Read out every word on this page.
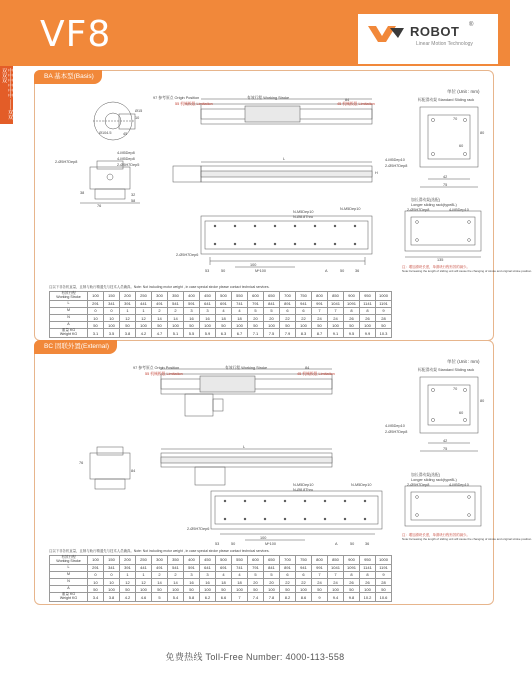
VF8	ROBOT ®
Linear Motion Technology
中中中中中中 ——双双双双双	BA 基本型(Basis)
单位 (Unit : mm)
97 参考原点 Origin Position	有效行程 Working Stroke
55 机械极限 Limitation	45 机械极限 Limitation
标配滑动架 Standard Sliding rack
84
Ø104.5	45
Ø15
10
4-M5Dep8
4-M5Dep8
2-Ø5H7Dep5
2-Ø5H7Dep8
76
38	32
58
L
H
70
60
4-M5Dep10
2-Ø5H7Dep8
42
75
80
N-M5Dep10
N-Ø8.8Thru
N-M5Dep10
2-Ø5H7Dep6
100
M*100
53	50	A	50	36
加长滑动架(选配)
Longer sliding rack(type8L)
2-Ø5H7Dep8	4-M5Dep10
135
注：增加滑块长度，单滑块行程有效的减少。
Note:Increasing the length of sliding unit will cause the changing of stroke and original stroke position.
注以下非各机直量，且制与助行精通先与技术人员确真。Note: Not including motor weight , in case special stroke please contact technical services.
有效行程
Working Stroke	100	150	200	250	300	350	400	450	500	550	600	650	700	750	800	850	900	950	1000
L	291	341	391	441	491	541	591	641	691	741	791	841	891	941	991	1041	1091	1141	1191
M	0	0	1	1	2	2	3	3	4	4	5	5	6	6	7	7	8	8	9
N	10	10	12	12	14	14	16	16	18	18	20	20	22	22	24	24	26	26	28
A	50	100	50	100	50	100	50	100	50	100	50	100	50	100	50	100	50	100	50
重量 KG
Weight KG	3.1	3.5	3.8	4.2	4.7	5.1	5.5	5.9	6.3	6.7	7.1	7.5	7.9	8.3	8.7	9.1	9.5	9.9	10.3
BC 固联外置(External)
单位 (Unit : mm)
97 参考原点 Origin Position	有效行程 Working Stroke
55 机械极限 Limitation	45 机械极限 Limitation
84	标配滑动架 Standard Sliding rack
70
60
4-M5Dep10
2-Ø5H7Dep8
42
75
80
76
84
L
N-M5Dep10
N-Ø8.8Thru
N-M5Dep10
2-Ø5H7Dep6
100
M*100
53	50	A	50	36
加长滑动架(选配)
Longer sliding rack(type8L)
2-Ø5H7Dep8	4-M5Dep10
注：增加滑块长度，单滑块行程有效的减少。
Note:Increasing the length of sliding unit will cause the changing of stroke and original stroke position.
注以下非各机直量，且制与助行精通先与技术人员确真。Note: Not including motor weight , in case special stroke please contact technical services.
有效行程
Working Stroke	100	150	200	250	300	350	400	450	500	550	600	650	700	750	800	850	900	950	1000
L	291	341	391	441	491	541	591	641	691	741	791	841	891	941	991	1041	1091	1141	1191
M	0	0	1	1	2	2	3	3	4	4	5	5	6	6	7	7	8	8	9
N	10	10	12	12	14	14	16	16	18	18	20	20	22	22	24	24	26	26	28
A	50	100	50	100	50	100	50	100	50	100	50	100	50	100	50	100	50	100	50
重量 KG
Weight KG	3.4	3.8	4.2	4.6	5	5.4	5.8	6.2	6.6	7	7.4	7.8	8.2	8.6	9	9.4	9.8	10.2	10.6
免费热线 Toll-Free Number: 4000-113-558
